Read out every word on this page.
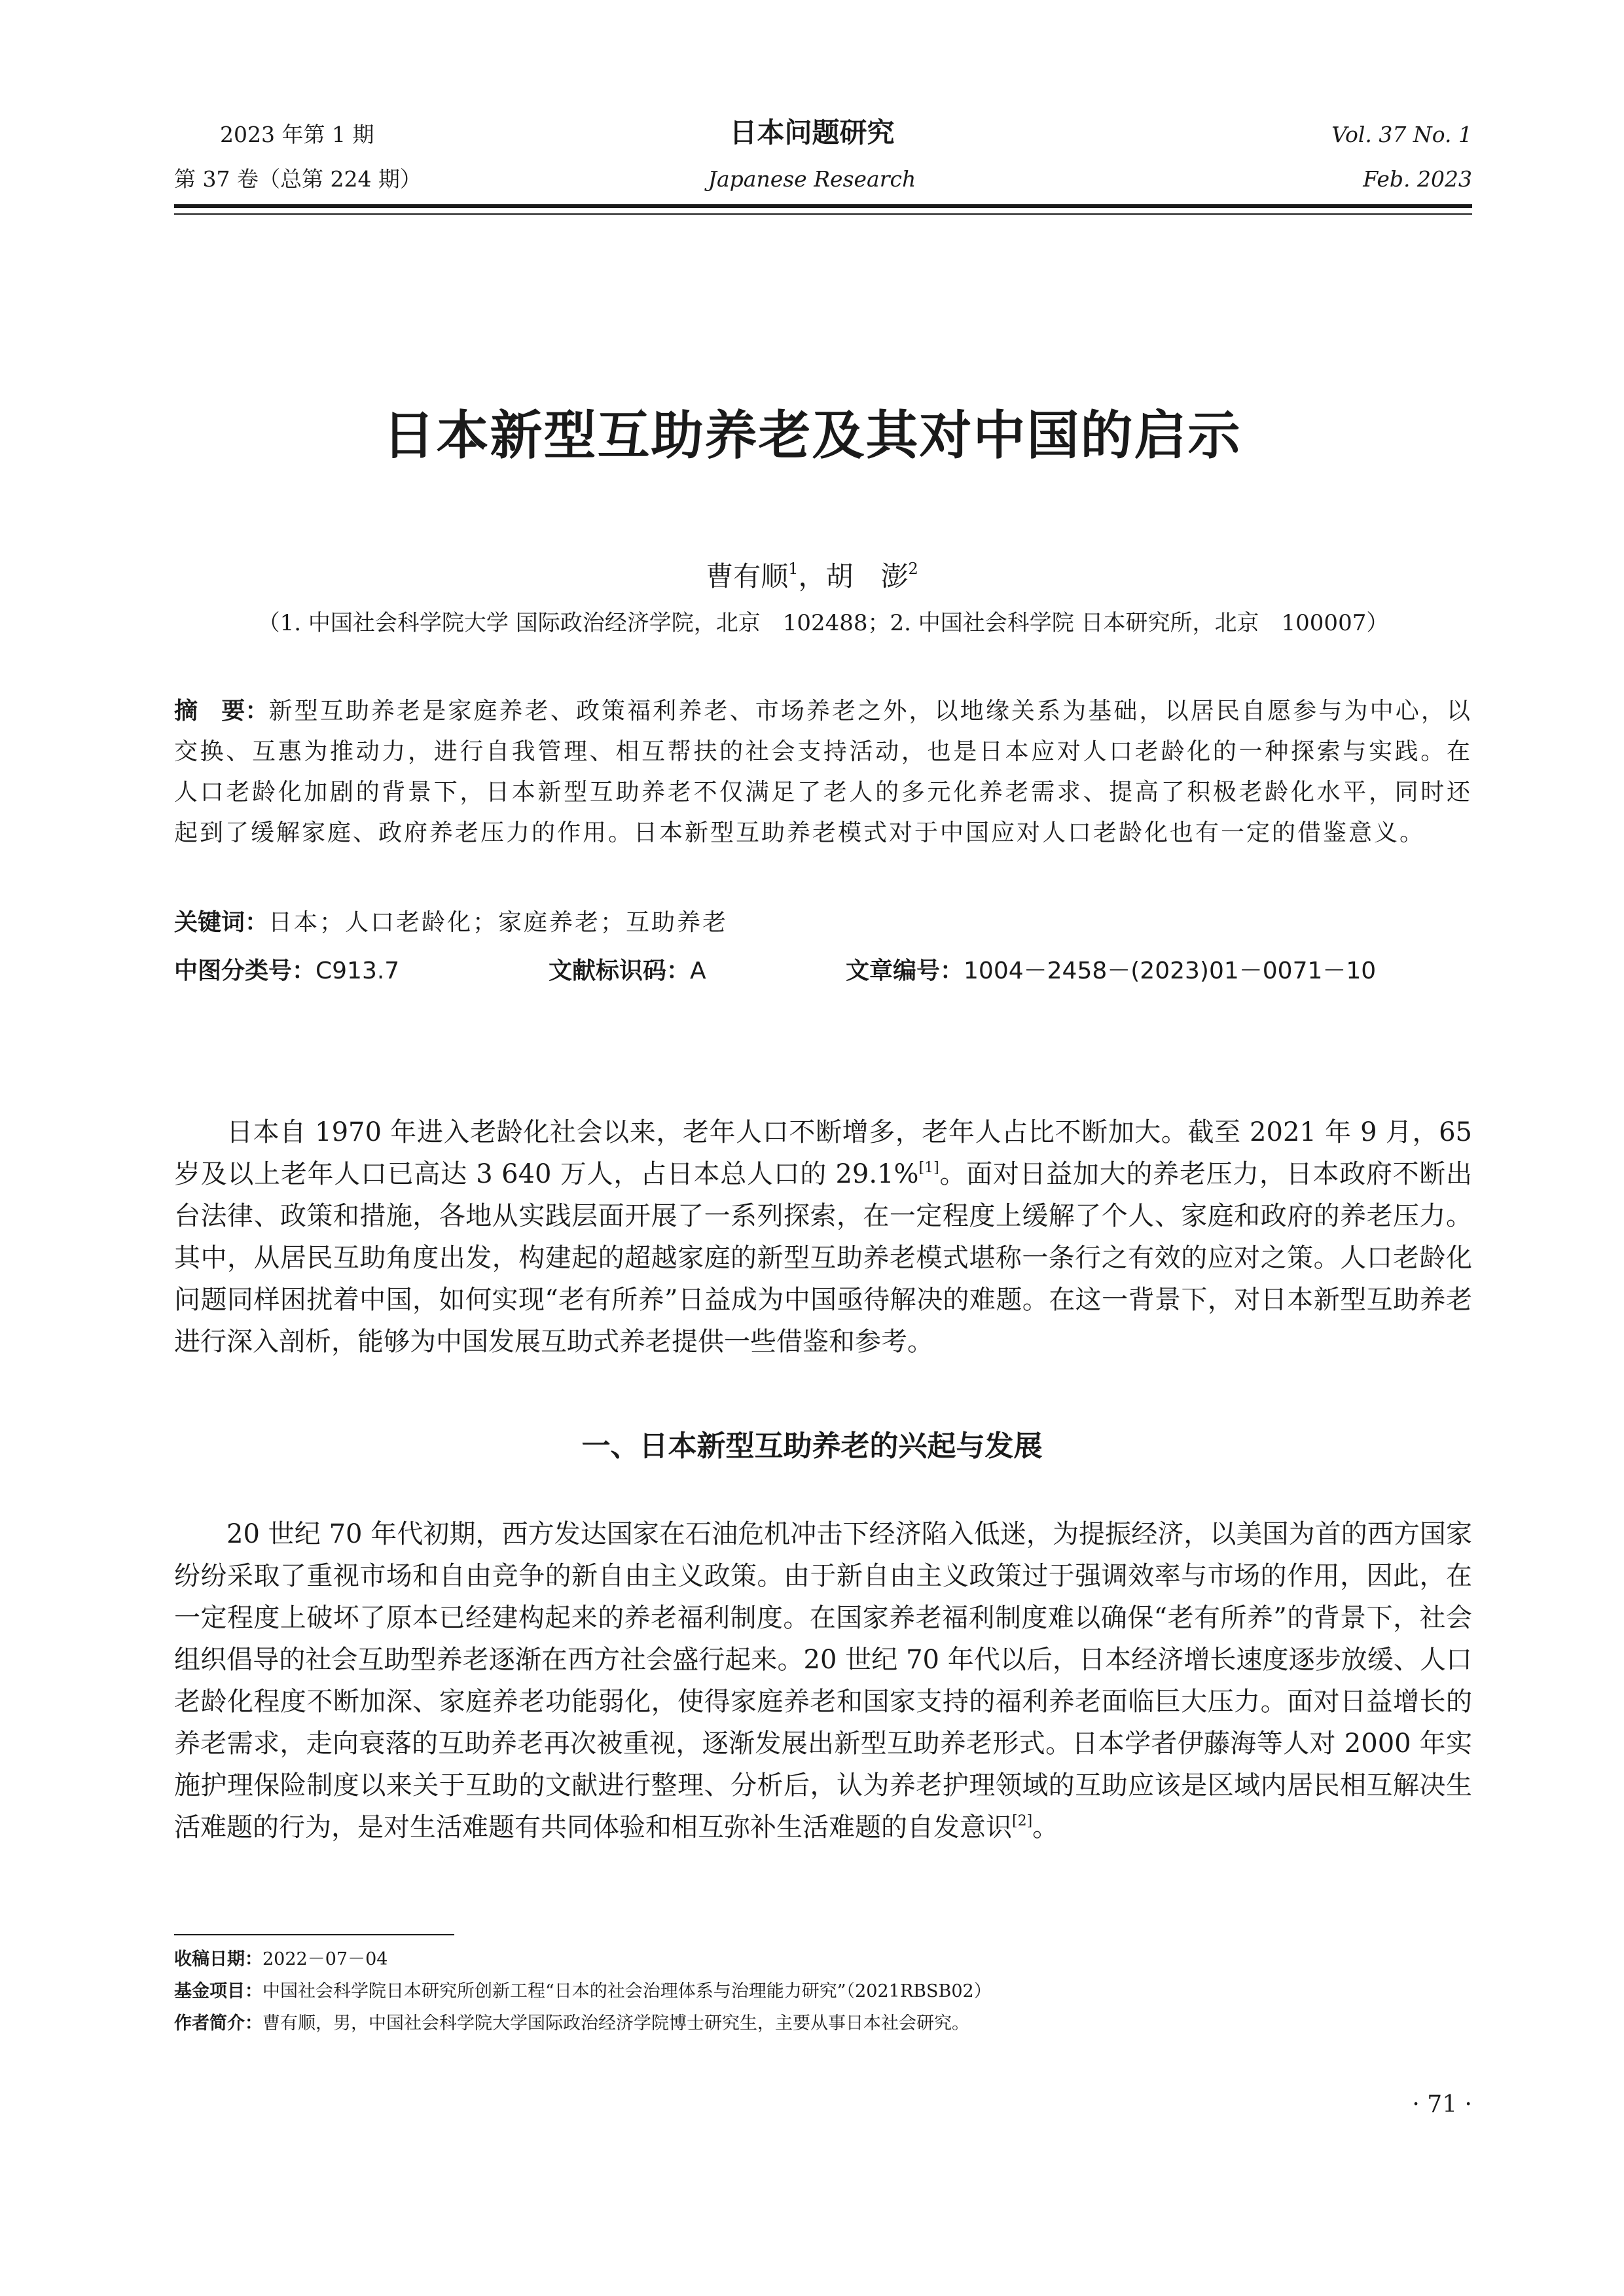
2023 年第 1 期
第 37 卷（总第 224 期）
日本问题研究
Japanese Research
Vol. 37 No. 1
Feb. 2023
日本新型互助养老及其对中国的启示
曹有顺$^1$，胡　澎$^2$
（1. 中国社会科学院大学 国际政治经济学院，北京　102488；2. 中国社会科学院 日本研究所，北京　100007）
摘　要：新型互助养老是家庭养老、政策福利养老、市场养老之外，以地缘关系为基础，以居民自愿参与为中心，以交换、互惠为推动力，进行自我管理、相互帮扶的社会支持活动，也是日本应对人口老龄化的一种探索与实践。在人口老龄化加剧的背景下，日本新型互助养老不仅满足了老人的多元化养老需求、提高了积极老龄化水平，同时还起到了缓解家庭、政府养老压力的作用。日本新型互助养老模式对于中国应对人口老龄化也有一定的借鉴意义。
关键词：日本；人口老龄化；家庭养老；互助养老
中图分类号：C913.7	文献标识码：A	文章编号：1004－2458－(2023)01－0071－10
日本自 1970 年进入老龄化社会以来，老年人口不断增多，老年人占比不断加大。截至 2021 年 9 月，65 岁及以上老年人口已高达 3 640 万人，占日本总人口的 29.1%[1]。面对日益加大的养老压力，日本政府不断出台法律、政策和措施，各地从实践层面开展了一系列探索，在一定程度上缓解了个人、家庭和政府的养老压力。其中，从居民互助角度出发，构建起的超越家庭的新型互助养老模式堪称一条行之有效的应对之策。人口老龄化问题同样困扰着中国，如何实现“老有所养”日益成为中国亟待解决的难题。在这一背景下，对日本新型互助养老进行深入剖析，能够为中国发展互助式养老提供一些借鉴和参考。
一、日本新型互助养老的兴起与发展
20 世纪 70 年代初期，西方发达国家在石油危机冲击下经济陷入低迷，为提振经济，以美国为首的西方国家纷纷采取了重视市场和自由竞争的新自由主义政策。由于新自由主义政策过于强调效率与市场的作用，因此，在一定程度上破坏了原本已经建构起来的养老福利制度。在国家养老福利制度难以确保“老有所养”的背景下，社会组织倡导的社会互助型养老逐渐在西方社会盛行起来。20 世纪 70 年代以后，日本经济增长速度逐步放缓、人口老龄化程度不断加深、家庭养老功能弱化，使得家庭养老和国家支持的福利养老面临巨大压力。面对日益增长的养老需求，走向衰落的互助养老再次被重视，逐渐发展出新型互助养老形式。日本学者伊藤海等人对 2000 年实施护理保险制度以来关于互助的文献进行整理、分析后，认为养老护理领域的互助应该是区域内居民相互解决生活难题的行为，是对生活难题有共同体验和相互弥补生活难题的自发意识[2]。
收稿日期：2022－07－04
基金项目：中国社会科学院日本研究所创新工程“日本的社会治理体系与治理能力研究”（2021RBSB02）
作者简介：曹有顺，男，中国社会科学院大学国际政治经济学院博士研究生，主要从事日本社会研究。
· 71 ·
